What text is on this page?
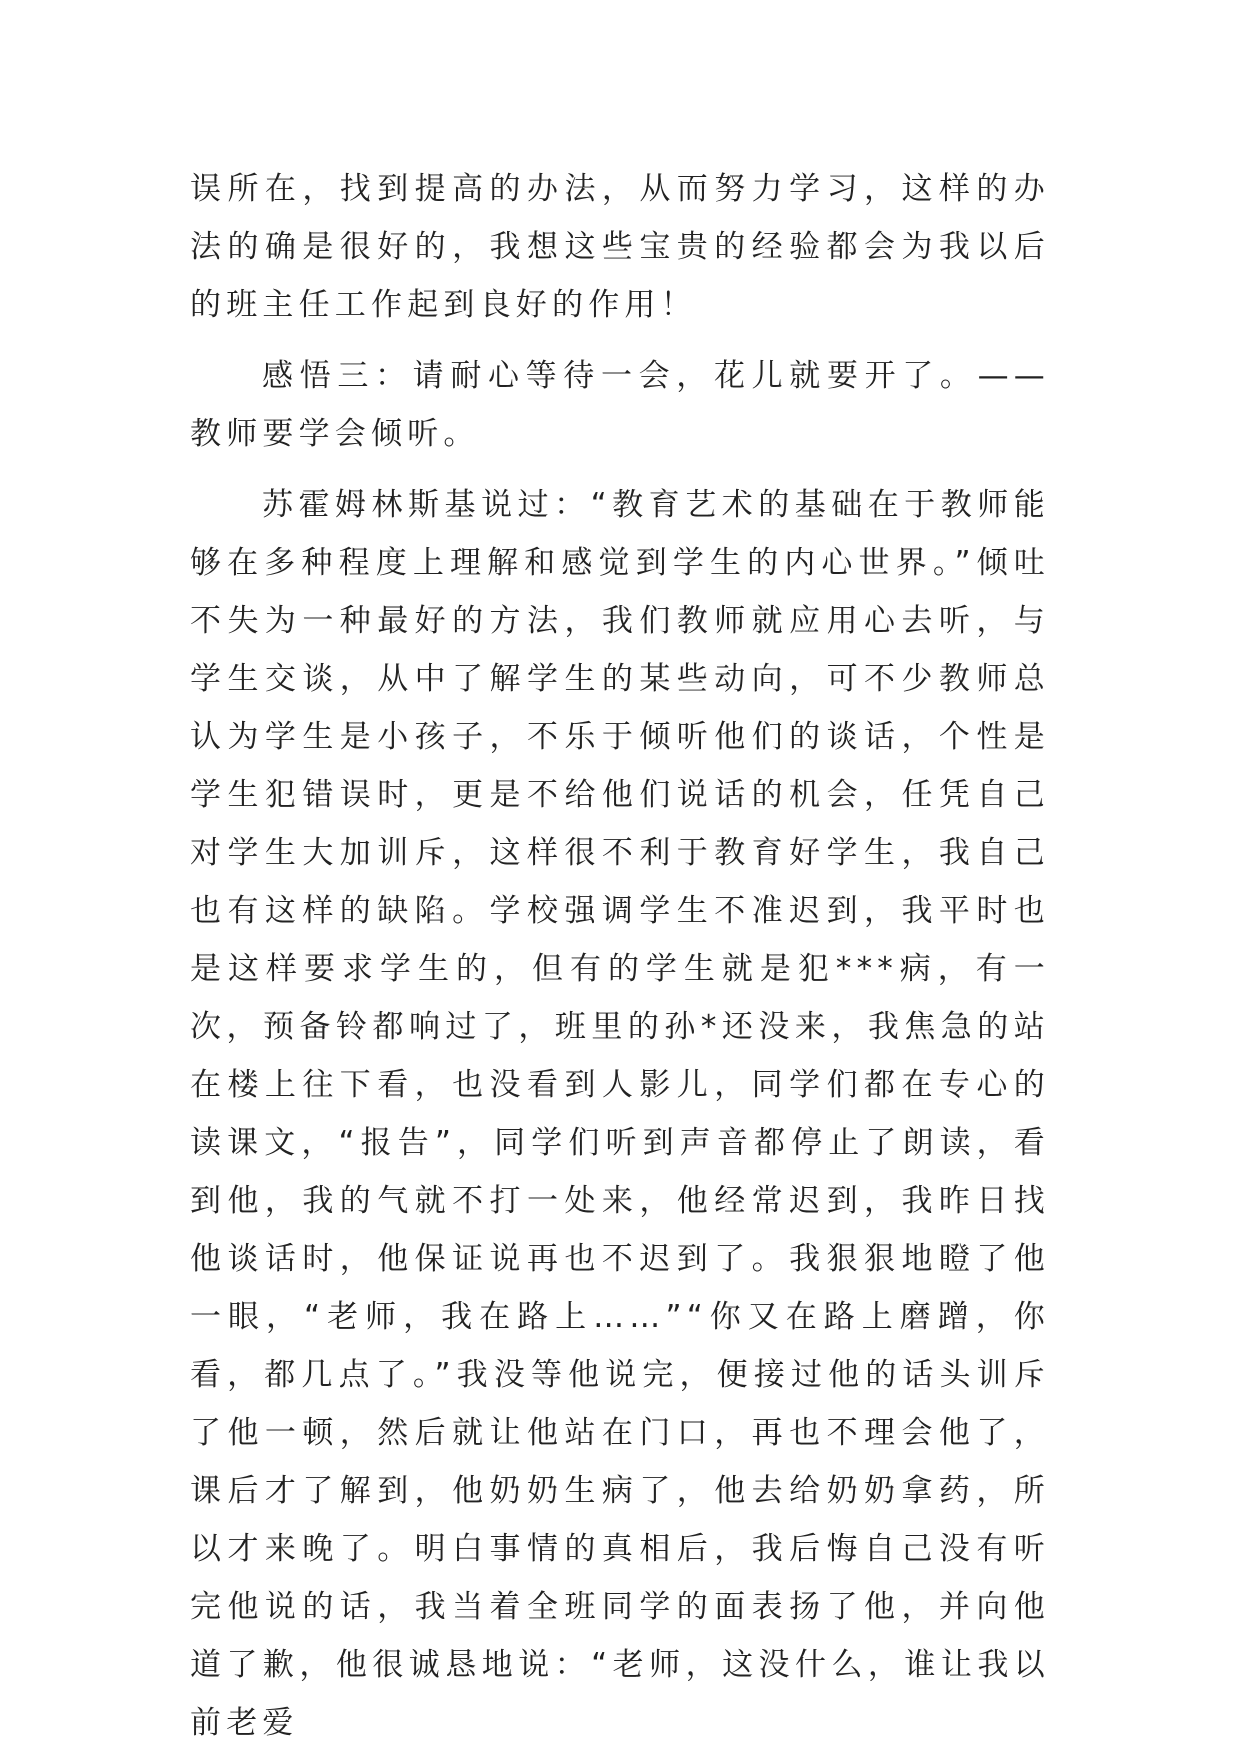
误所在，找到提高的办法，从而努力学习，这样的办法的确是很好的，我想这些宝贵的经验都会为我以后的班主任工作起到良好的作用！

感悟三：请耐心等待一会，花儿就要开了。——教师要学会倾听。

苏霍姆林斯基说过：“教育艺术的基础在于教师能够在多种程度上理解和感觉到学生的内心世界。”倾吐不失为一种最好的方法，我们教师就应用心去听，与学生交谈，从中了解学生的某些动向，可不少教师总认为学生是小孩子，不乐于倾听他们的谈话，个性是学生犯错误时，更是不给他们说话的机会，任凭自己对学生大加训斥，这样很不利于教育好学生，我自己也有这样的缺陷。学校强调学生不准迟到，我平时也是这样要求学生的，但有的学生就是犯***病，有一次，预备铃都响过了，班里的孙*还没来，我焦急的站在楼上往下看，也没看到人影儿，同学们都在专心的读课文，“报告”，同学们听到声音都停止了朗读，看到他，我的气就不打一处来，他经常迟到，我昨日找他谈话时，他保证说再也不迟到了。我狠狠地瞪了他一眼，“老师，我在路上……”“你又在路上磨蹭，你看，都几点了。”我没等他说完，便接过他的话头训斥了他一顿，然后就让他站在门口，再也不理会他了，课后才了解到，他奶奶生病了，他去给奶奶拿药，所以才来晚了。明白事情的真相后，我后悔自己没有听完他说的话，我当着全班同学的面表扬了他，并向他道了歉，他很诚恳地说：“老师，这没什么，谁让我以前老爱
